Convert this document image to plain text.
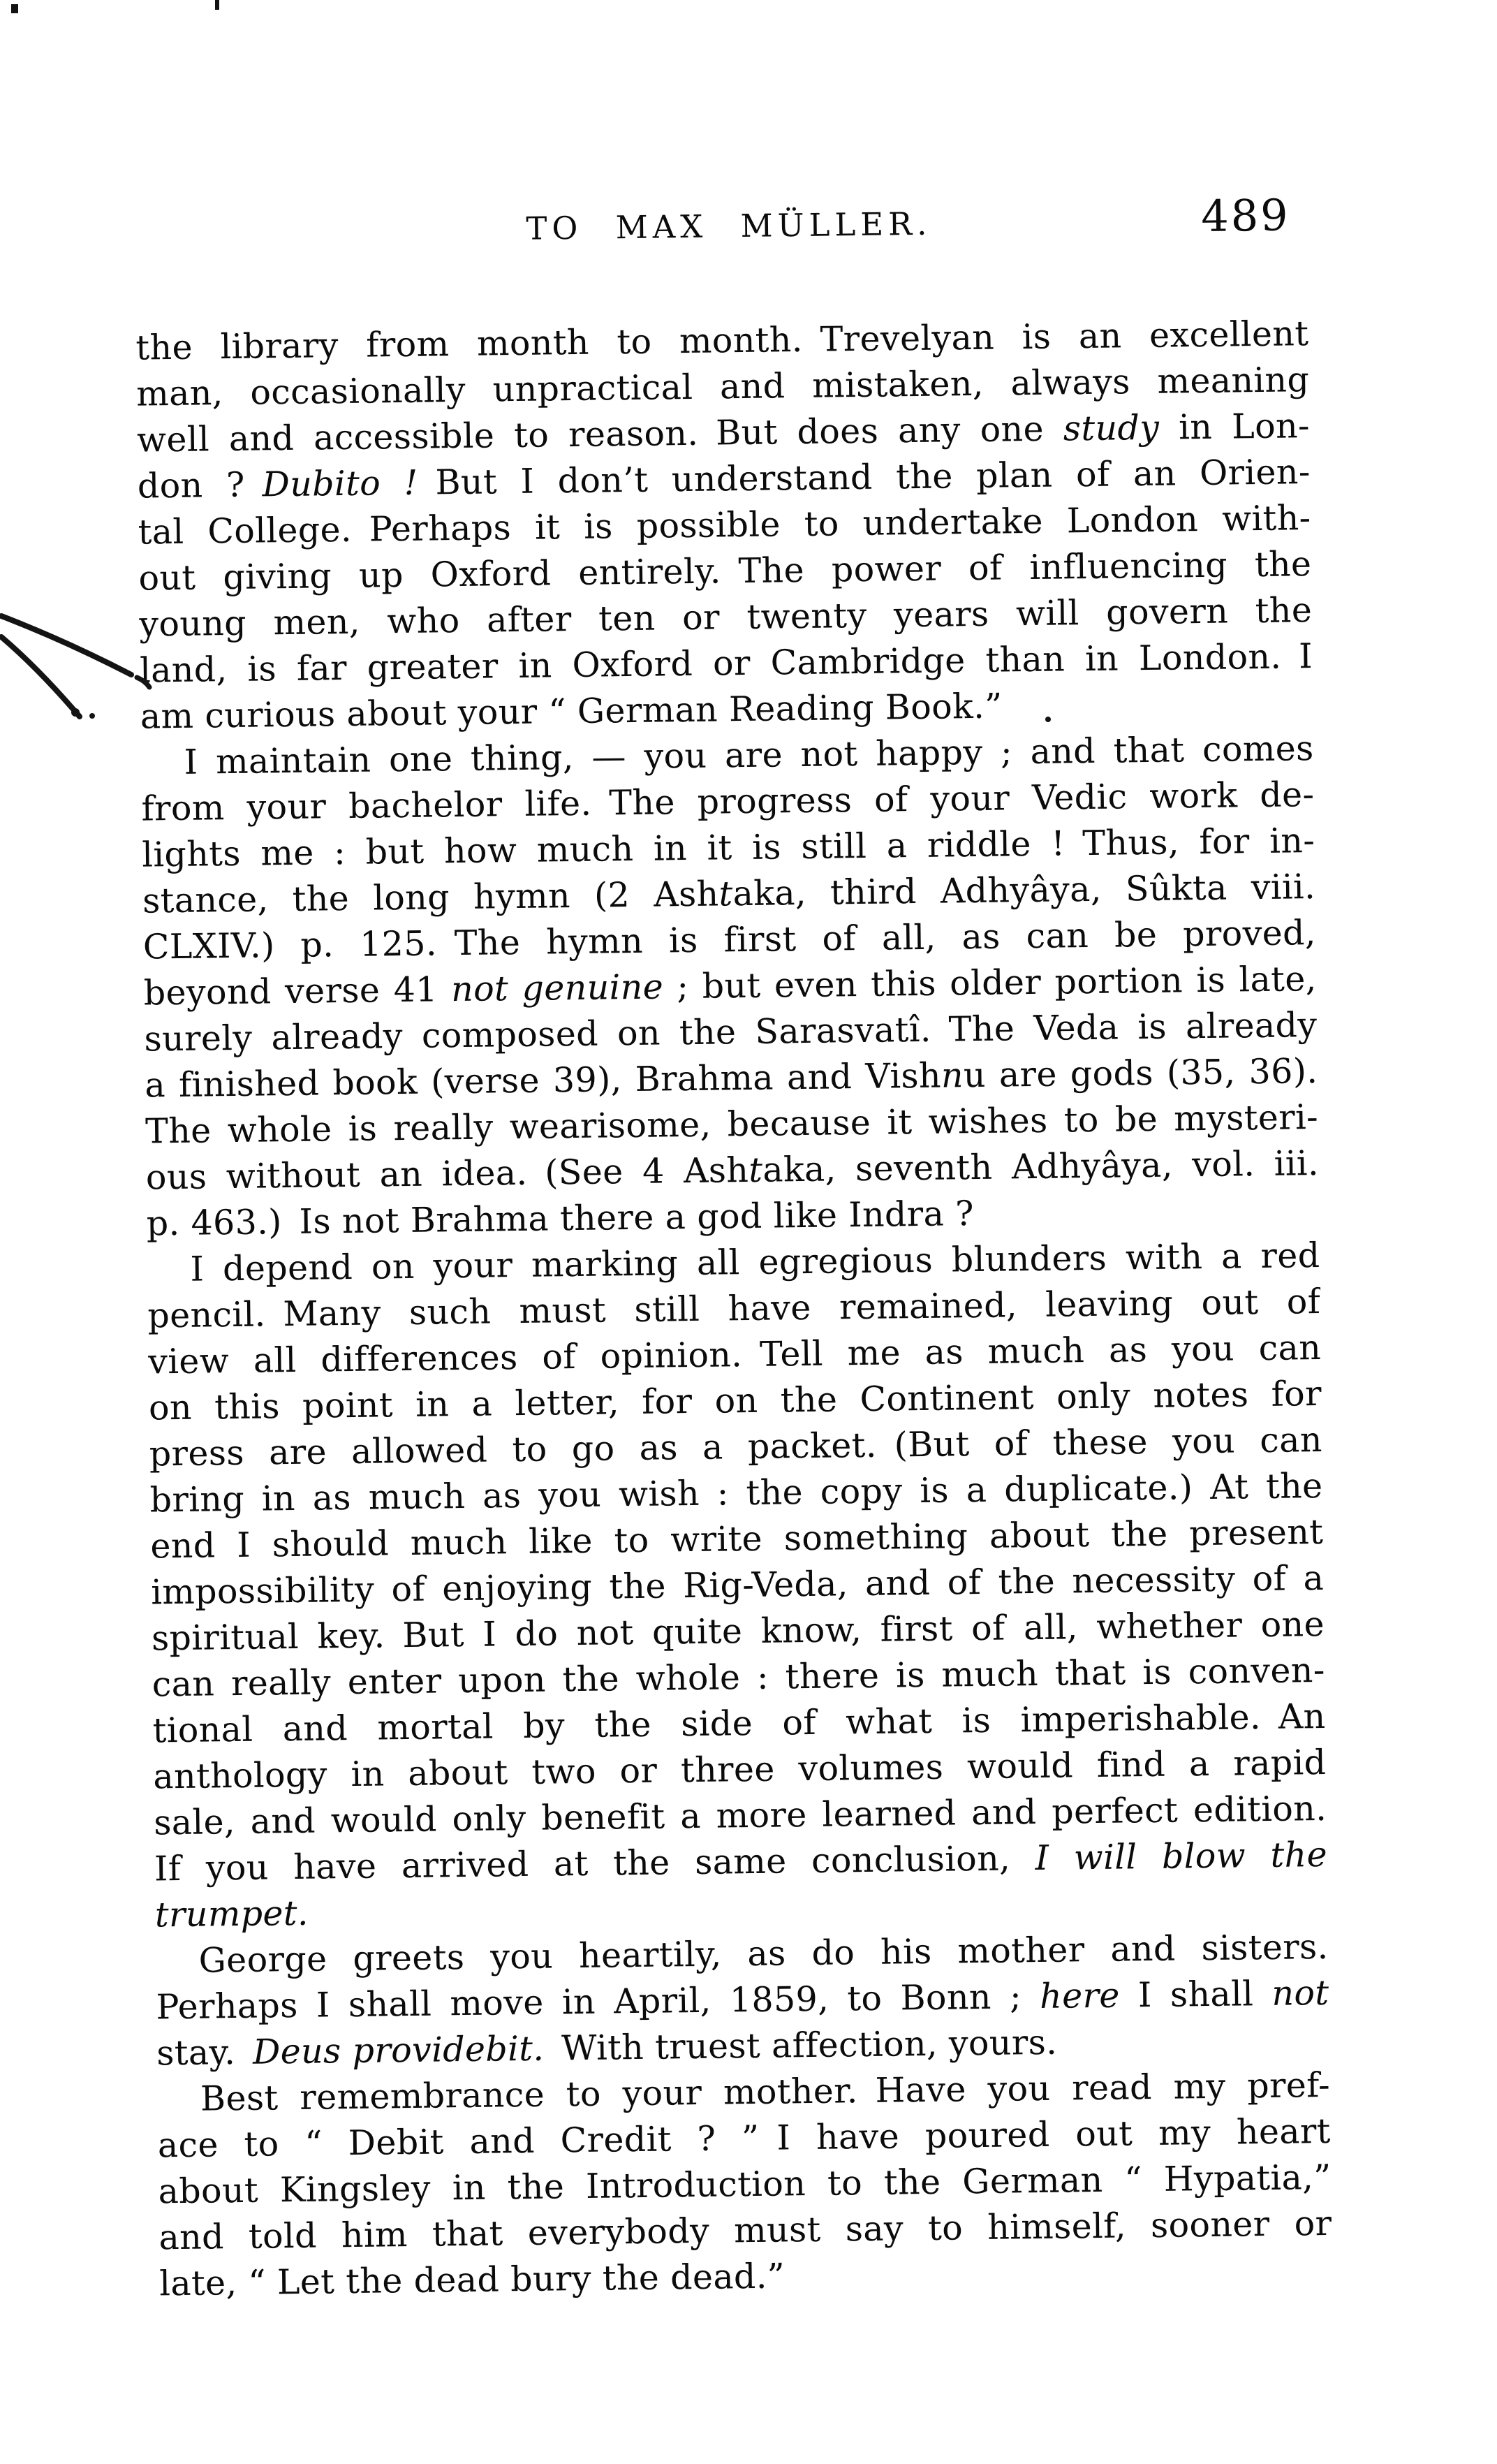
TO MAX MÜLLER.	489
the library from month to month. Trevelyan is an excellent
man, occasionally unpractical and mistaken, always meaning
well and accessible to reason. But does any one study in Lon-
don ? Dubito ! But I don’t understand the plan of an Orien-
tal College. Perhaps it is possible to undertake London with-
out giving up Oxford entirely. The power of influencing the
young men, who after ten or twenty years will govern the
land, is far greater in Oxford or Cambridge than in London. I
am curious about your “ German Reading Book.”
I maintain one thing, — you are not happy ; and that comes
from your bachelor life. The progress of your Vedic work de-
lights me : but how much in it is still a riddle ! Thus, for in-
stance, the long hymn (2 Ashtaka, third Adhyâya, Sûkta viii.
CLXIV.) p. 125. The hymn is first of all, as can be proved,
beyond verse 41 not genuine ; but even this older portion is late,
surely already composed on the Sarasvatî. The Veda is already
a finished book (verse 39), Brahma and Vishnu are gods (35, 36).
The whole is really wearisome, because it wishes to be mysteri-
ous without an idea. (See 4 Ashtaka, seventh Adhyâya, vol. iii.
p. 463.) Is not Brahma there a god like Indra ?
I depend on your marking all egregious blunders with a red
pencil. Many such must still have remained, leaving out of
view all differences of opinion. Tell me as much as you can
on this point in a letter, for on the Continent only notes for
press are allowed to go as a packet. (But of these you can
bring in as much as you wish : the copy is a duplicate.) At the
end I should much like to write something about the present
impossibility of enjoying the Rig-Veda, and of the necessity of a
spiritual key. But I do not quite know, first of all, whether one
can really enter upon the whole : there is much that is conven-
tional and mortal by the side of what is imperishable. An
anthology in about two or three volumes would find a rapid
sale, and would only benefit a more learned and perfect edition.
If you have arrived at the same conclusion, I will blow the
trumpet.
George greets you heartily, as do his mother and sisters.
Perhaps I shall move in April, 1859, to Bonn ; here I shall not
stay. Deus providebit. With truest affection, yours.
Best remembrance to your mother. Have you read my pref-
ace to “ Debit and Credit ? ” I have poured out my heart
about Kingsley in the Introduction to the German “ Hypatia,”
and told him that everybody must say to himself, sooner or
late, “ Let the dead bury the dead.”
